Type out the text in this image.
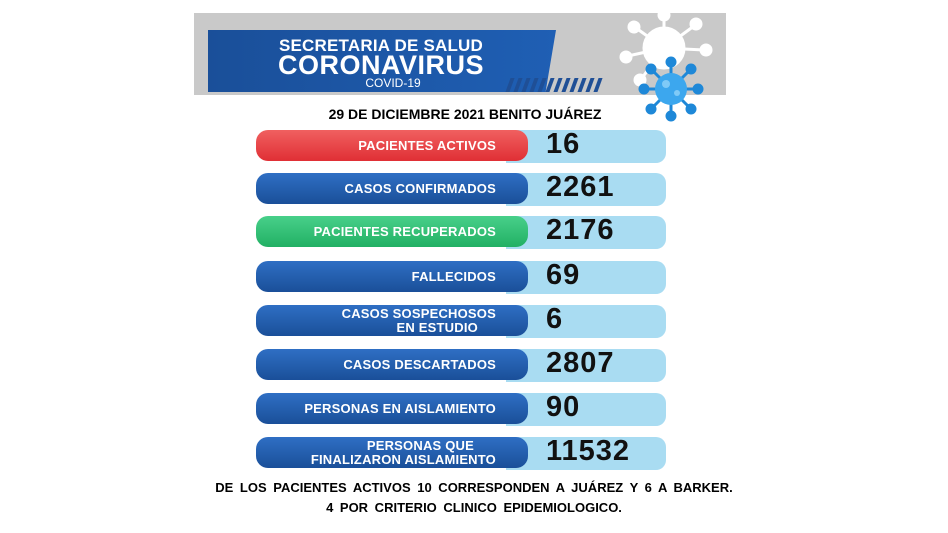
SECRETARIA DE SALUD
CORONAVIRUS
COVID-19
29 DE DICIEMBRE 2021 BENITO JUÁREZ
PACIENTES ACTIVOS 16
CASOS CONFIRMADOS 2261
PACIENTES RECUPERADOS 2176
FALLECIDOS 69
CASOS SOSPECHOSOS
EN ESTUDIO	6
CASOS DESCARTADOS 2807
PERSONAS EN AISLAMIENTO 90
PERSONAS QUE
FINALIZARON AISLAMIENTO 11532
DE LOS PACIENTES ACTIVOS 10 CORRESPONDEN A JUÁREZ Y 6 A BARKER.
4 POR CRITERIO CLINICO EPIDEMIOLOGICO.
